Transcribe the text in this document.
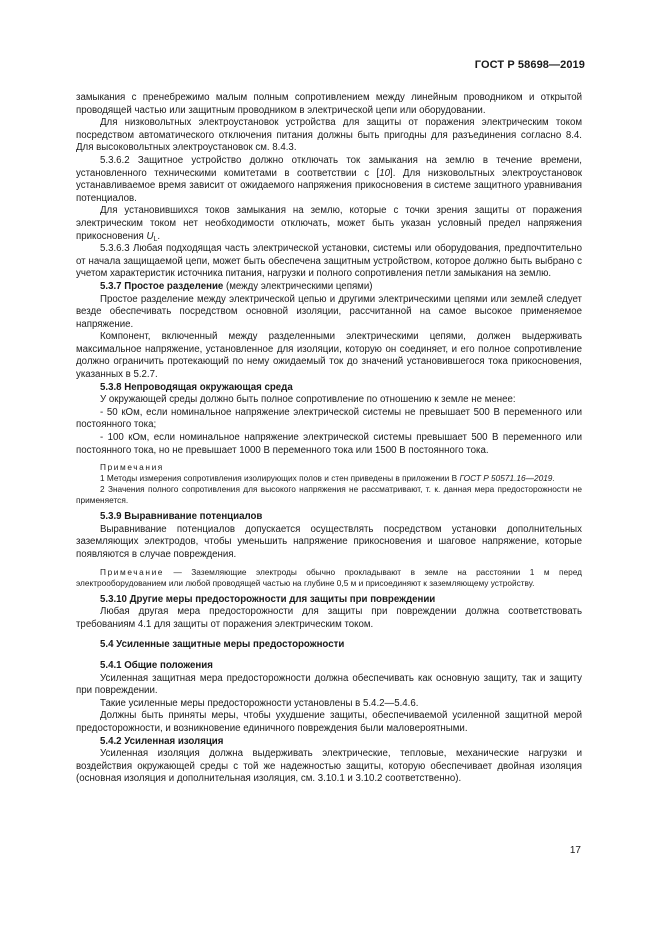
ГОСТ Р 58698—2019

замыкания с пренебрежимо малым полным сопротивлением между линейным проводником и открытой проводящей частью или защитным проводником в электрической цепи или оборудовании.

Для низковольтных электроустановок устройства для защиты от поражения электрическим током посредством автоматического отключения питания должны быть пригодны для разъединения согласно 8.4. Для высоковольтных электроустановок см. 8.4.3.

5.3.6.2 Защитное устройство должно отключать ток замыкания на землю в течение времени, установленного техническими комитетами в соответствии с [10]. Для низковольтных электроустановок устанавливаемое время зависит от ожидаемого напряжения прикосновения в системе защитного уравнивания потенциалов.

Для установившихся токов замыкания на землю, которые с точки зрения защиты от поражения электрическим током нет необходимости отключать, может быть указан условный предел напряжения прикосновения $U_L$.

5.3.6.3 Любая подходящая часть электрической установки, системы или оборудования, предпочтительно от начала защищаемой цепи, может быть обеспечена защитным устройством, которое должно быть выбрано с учетом характеристик источника питания, нагрузки и полного сопротивления петли замыкания на землю.

5.3.7 Простое разделение (между электрическими цепями)

Простое разделение между электрической цепью и другими электрическими цепями или землей следует везде обеспечивать посредством основной изоляции, рассчитанной на самое высокое применяемое напряжение.

Компонент, включенный между разделенными электрическими цепями, должен выдерживать максимальное напряжение, установленное для изоляции, которую он соединяет, и его полное сопротивление должно ограничить протекающий по нему ожидаемый ток до значений установившегося тока прикосновения, указанных в 5.2.7.

5.3.8 Непроводящая окружающая среда

У окружающей среды должно быть полное сопротивление по отношению к земле не менее:

- 50 кОм, если номинальное напряжение электрической системы не превышает 500 В переменного или постоянного тока;

- 100 кОм, если номинальное напряжение электрической системы превышает 500 В переменного или постоянного тока, но не превышает 1000 В переменного тока или 1500 В постоянного тока.

Примечания

1 Методы измерения сопротивления изолирующих полов и стен приведены в приложении В ГОСТ Р 50571.16—2019.

2 Значения полного сопротивления для высокого напряжения не рассматривают, т. к. данная мера предосторожности не применяется.

5.3.9 Выравнивание потенциалов

Выравнивание потенциалов допускается осуществлять посредством установки дополнительных заземляющих электродов, чтобы уменьшить напряжение прикосновения и шаговое напряжение, которые появляются в случае повреждения.

Примечание — Заземляющие электроды обычно прокладывают в земле на расстоянии 1 м перед электрооборудованием или любой проводящей частью на глубине 0,5 м и присоединяют к заземляющему устройству.

5.3.10 Другие меры предосторожности для защиты при повреждении

Любая другая мера предосторожности для защиты при повреждении должна соответствовать требованиям 4.1 для защиты от поражения электрическим током.

5.4 Усиленные защитные меры предосторожности

5.4.1 Общие положения

Усиленная защитная мера предосторожности должна обеспечивать как основную защиту, так и защиту при повреждении.

Такие усиленные меры предосторожности установлены в 5.4.2—5.4.6.

Должны быть приняты меры, чтобы ухудшение защиты, обеспечиваемой усиленной защитной мерой предосторожности, и возникновение единичного повреждения были маловероятными.

5.4.2 Усиленная изоляция

Усиленная изоляция должна выдерживать электрические, тепловые, механические нагрузки и воздействия окружающей среды с той же надежностью защиты, которую обеспечивает двойная изоляция (основная изоляция и дополнительная изоляция, см. 3.10.1 и 3.10.2 соответственно).

17
